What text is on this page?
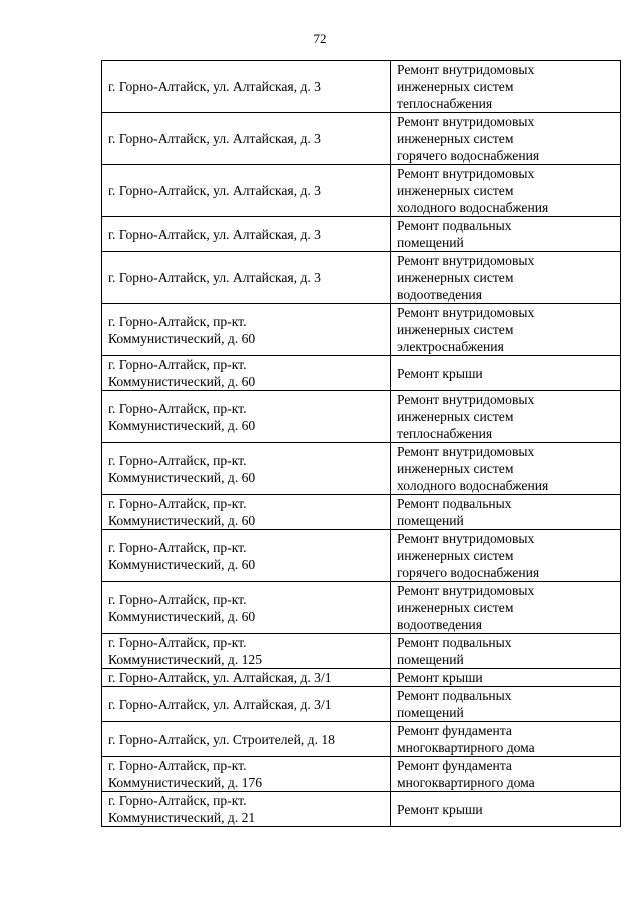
72
г. Горно-Алтайск, ул. Алтайская, д. 3	Ремонт внутридомовых
инженерных систем
теплоснабжения

г. Горно-Алтайск, ул. Алтайская, д. 3	Ремонт внутридомовых
инженерных систем
горячего водоснабжения

г. Горно-Алтайск, ул. Алтайская, д. 3	Ремонт внутридомовых
инженерных систем
холодного водоснабжения

г. Горно-Алтайск, ул. Алтайская, д. 3	Ремонт подвальных
помещений

г. Горно-Алтайск, ул. Алтайская, д. 3	Ремонт внутридомовых
инженерных систем
водоотведения

г. Горно-Алтайск, пр-кт.
Коммунистический, д. 60	Ремонт внутридомовых
инженерных систем
электроснабжения

г. Горно-Алтайск, пр-кт.
Коммунистический, д. 60	Ремонт крыши

г. Горно-Алтайск, пр-кт.
Коммунистический, д. 60	Ремонт внутридомовых
инженерных систем
теплоснабжения

г. Горно-Алтайск, пр-кт.
Коммунистический, д. 60	Ремонт внутридомовых
инженерных систем
холодного водоснабжения

г. Горно-Алтайск, пр-кт.
Коммунистический, д. 60	Ремонт подвальных
помещений

г. Горно-Алтайск, пр-кт.
Коммунистический, д. 60	Ремонт внутридомовых
инженерных систем
горячего водоснабжения

г. Горно-Алтайск, пр-кт.
Коммунистический, д. 60	Ремонт внутридомовых
инженерных систем
водоотведения

г. Горно-Алтайск, пр-кт.
Коммунистический, д. 125	Ремонт подвальных
помещений

г. Горно-Алтайск, ул. Алтайская, д. 3/1	Ремонт крыши

г. Горно-Алтайск, ул. Алтайская, д. 3/1	Ремонт подвальных
помещений

г. Горно-Алтайск, ул. Строителей, д. 18	Ремонт фундамента
многоквартирного дома

г. Горно-Алтайск, пр-кт.
Коммунистический, д. 176	Ремонт фундамента
многоквартирного дома

г. Горно-Алтайск, пр-кт.
Коммунистический, д. 21	Ремонт крыши
